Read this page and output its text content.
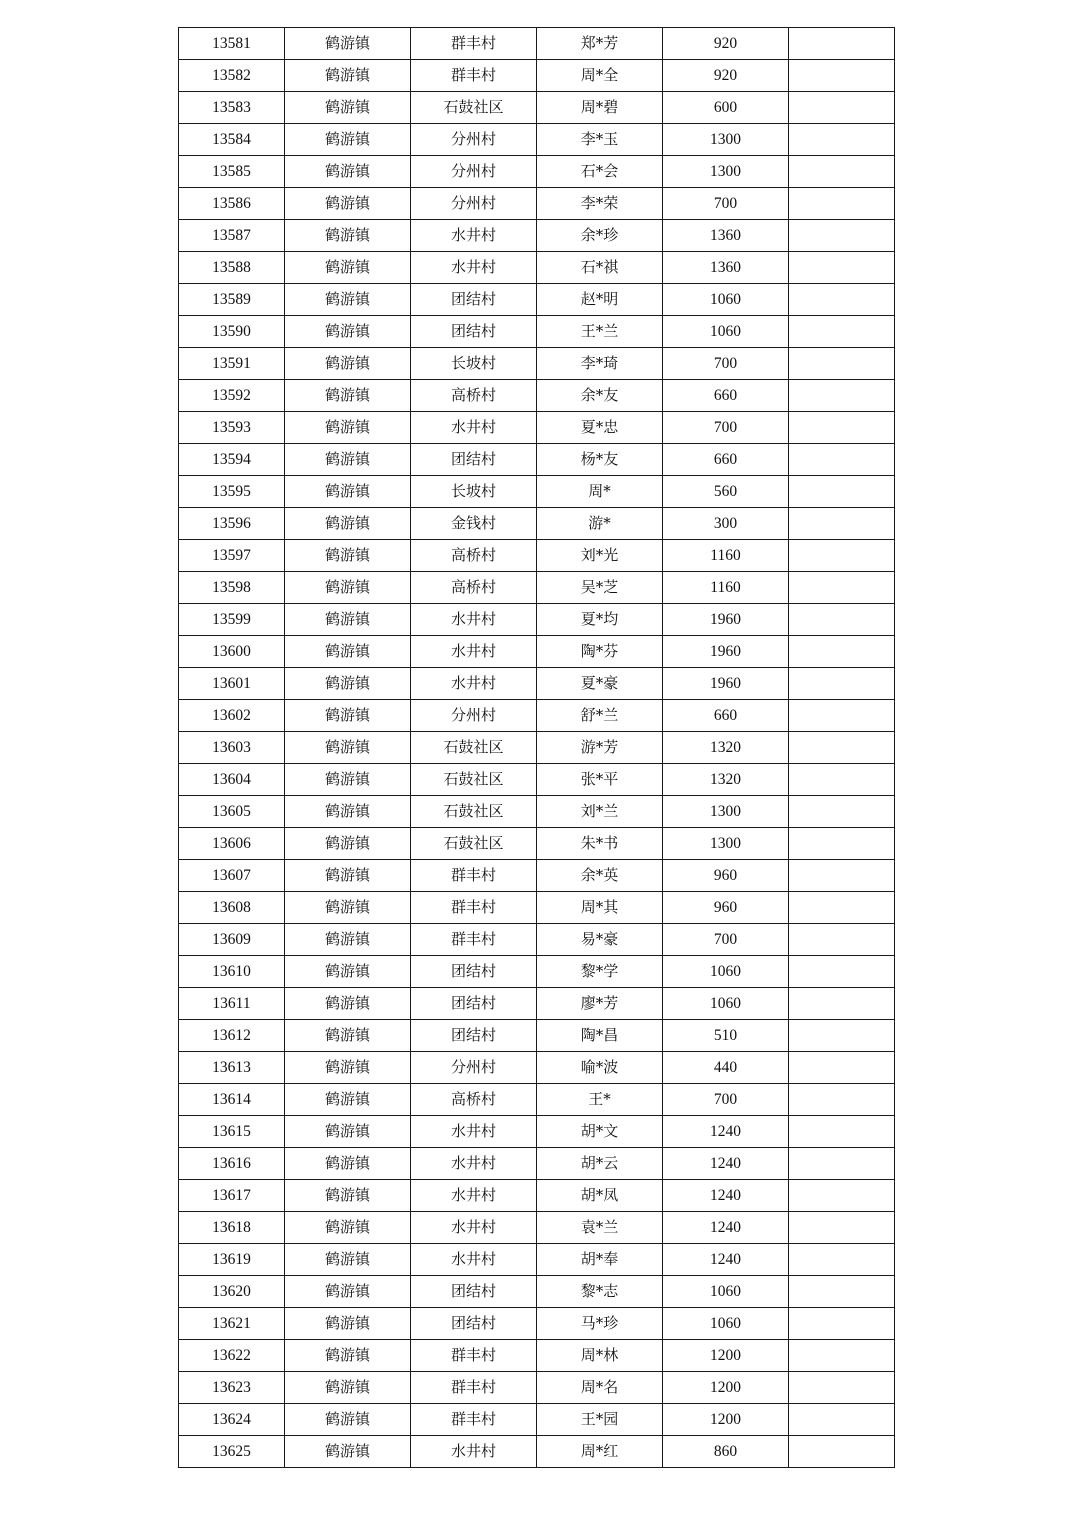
13581	鹤游镇	群丰村	郑*芳	920	
13582	鹤游镇	群丰村	周*全	920	
13583	鹤游镇	石鼓社区	周*碧	600	
13584	鹤游镇	分州村	李*玉	1300	
13585	鹤游镇	分州村	石*会	1300	
13586	鹤游镇	分州村	李*荣	700	
13587	鹤游镇	水井村	余*珍	1360	
13588	鹤游镇	水井村	石*祺	1360	
13589	鹤游镇	团结村	赵*明	1060	
13590	鹤游镇	团结村	王*兰	1060	
13591	鹤游镇	长坡村	李*琦	700	
13592	鹤游镇	高桥村	余*友	660	
13593	鹤游镇	水井村	夏*忠	700	
13594	鹤游镇	团结村	杨*友	660	
13595	鹤游镇	长坡村	周*	560	
13596	鹤游镇	金钱村	游*	300	
13597	鹤游镇	高桥村	刘*光	1160	
13598	鹤游镇	高桥村	吴*芝	1160	
13599	鹤游镇	水井村	夏*均	1960	
13600	鹤游镇	水井村	陶*芬	1960	
13601	鹤游镇	水井村	夏*豪	1960	
13602	鹤游镇	分州村	舒*兰	660	
13603	鹤游镇	石鼓社区	游*芳	1320	
13604	鹤游镇	石鼓社区	张*平	1320	
13605	鹤游镇	石鼓社区	刘*兰	1300	
13606	鹤游镇	石鼓社区	朱*书	1300	
13607	鹤游镇	群丰村	余*英	960	
13608	鹤游镇	群丰村	周*其	960	
13609	鹤游镇	群丰村	易*豪	700	
13610	鹤游镇	团结村	黎*学	1060	
13611	鹤游镇	团结村	廖*芳	1060	
13612	鹤游镇	团结村	陶*昌	510	
13613	鹤游镇	分州村	喻*波	440	
13614	鹤游镇	高桥村	王*	700	
13615	鹤游镇	水井村	胡*文	1240	
13616	鹤游镇	水井村	胡*云	1240	
13617	鹤游镇	水井村	胡*凤	1240	
13618	鹤游镇	水井村	袁*兰	1240	
13619	鹤游镇	水井村	胡*奉	1240	
13620	鹤游镇	团结村	黎*志	1060	
13621	鹤游镇	团结村	马*珍	1060	
13622	鹤游镇	群丰村	周*林	1200	
13623	鹤游镇	群丰村	周*名	1200	
13624	鹤游镇	群丰村	王*园	1200	
13625	鹤游镇	水井村	周*红	860	
